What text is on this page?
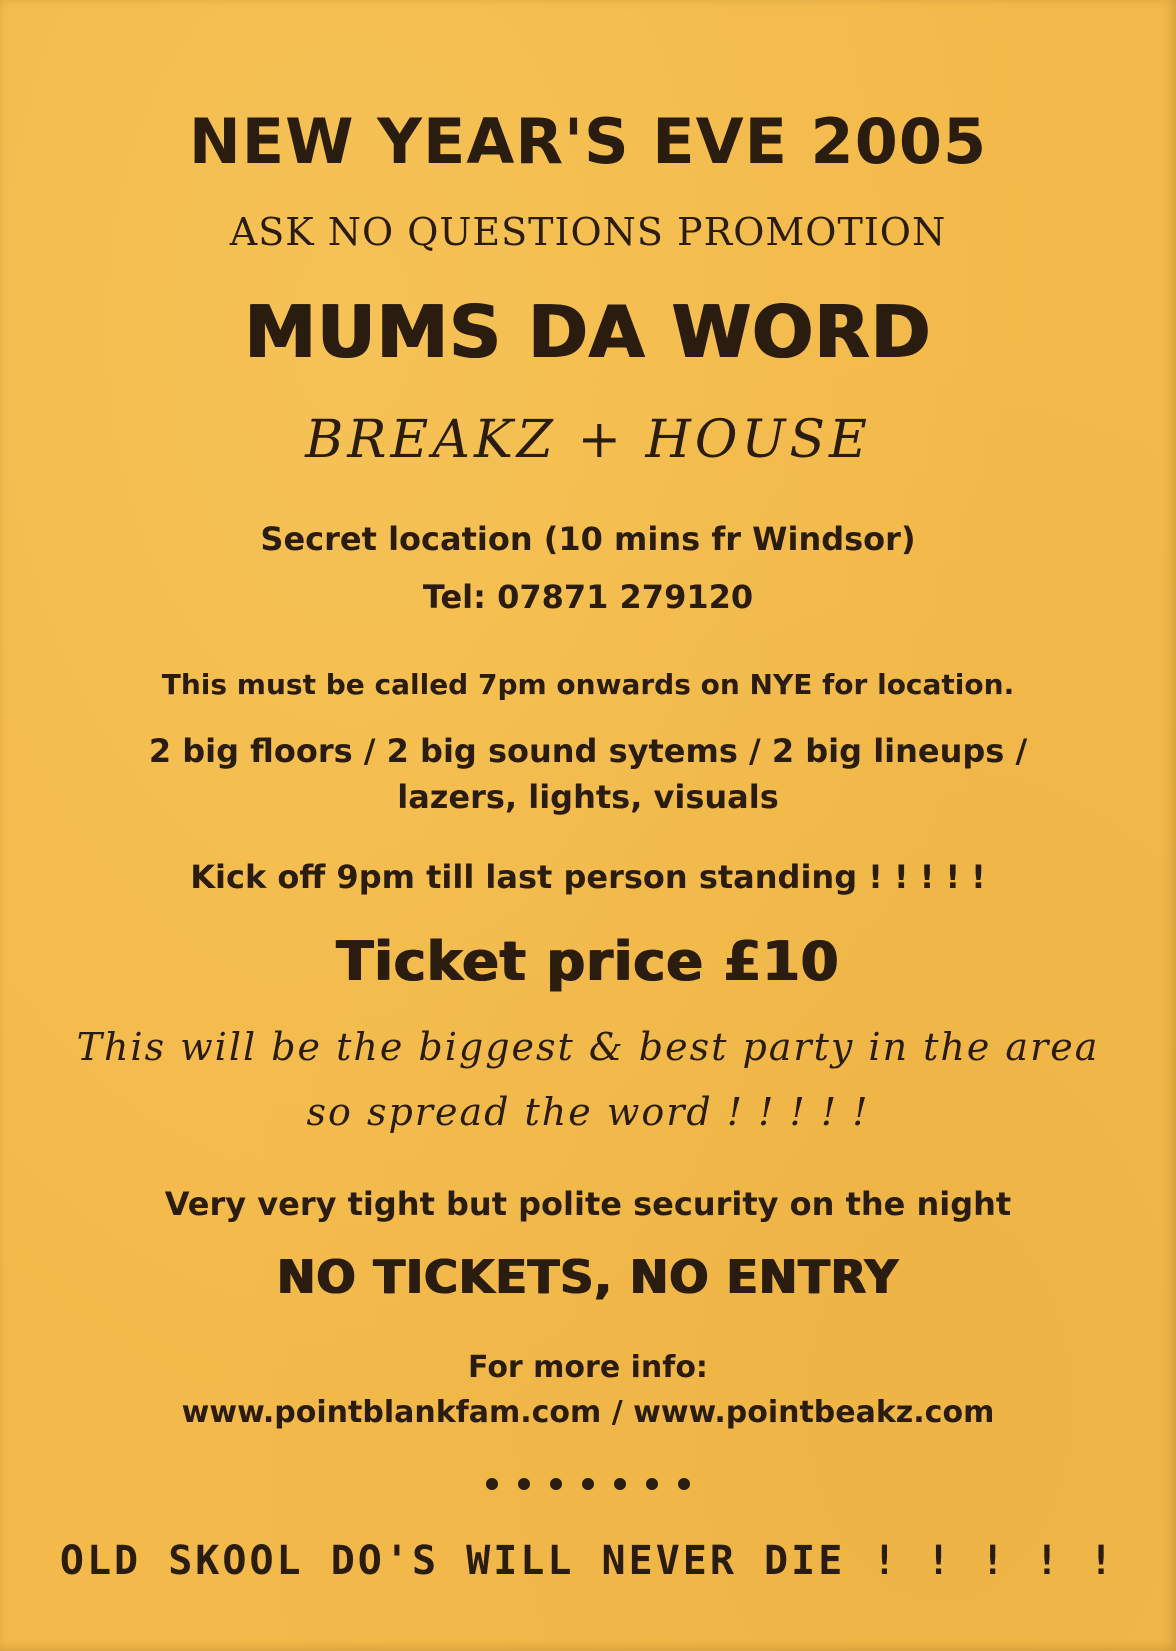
NEW YEAR'S EVE 2005

ASK NO QUESTIONS PROMOTION

MUMS DA WORD

BREAKZ + HOUSE

Secret location (10 mins fr Windsor)

Tel: 07871 279120

This must be called 7pm onwards on NYE for location.

2 big floors / 2 big sound sytems / 2 big lineups /

lazers, lights, visuals

Kick off 9pm till last person standing ! ! ! ! !

Ticket price £10

This will be the biggest & best party in the area

so spread the word ! ! ! ! !

Very very tight but polite security on the night

NO TICKETS, NO ENTRY

For more info:

www.pointblankfam.com / www.pointbeakz.com

OLD SKOOL DO'S WILL NEVER DIE ! ! ! ! !
